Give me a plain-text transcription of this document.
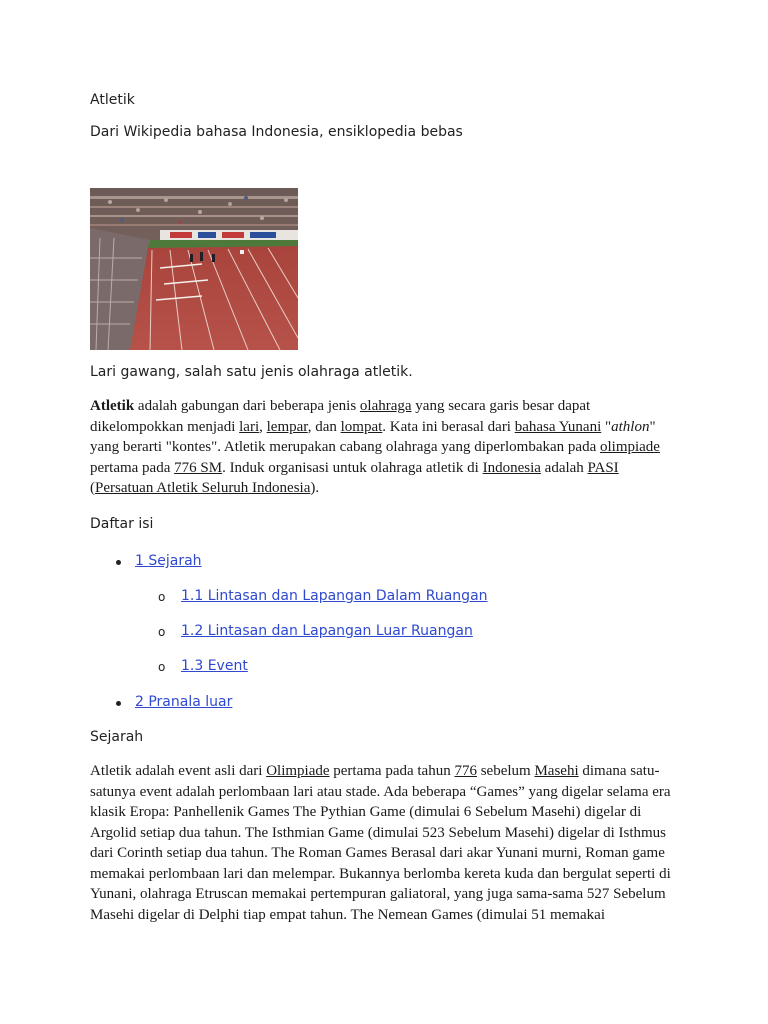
Atletik
Dari Wikipedia bahasa Indonesia, ensiklopedia bebas
Lari gawang, salah satu jenis olahraga atletik.
Atletik adalah gabungan dari beberapa jenis olahraga yang secara garis besar dapat dikelompokkan menjadi lari, lempar, dan lompat. Kata ini berasal dari bahasa Yunani "athlon" yang berarti "kontes". Atletik merupakan cabang olahraga yang diperlombakan pada olimpiade pertama pada 776 SM. Induk organisasi untuk olahraga atletik di Indonesia adalah PASI (Persatuan Atletik Seluruh Indonesia).
Daftar isi
1 Sejarah
o 1.1 Lintasan dan Lapangan Dalam Ruangan
o 1.2 Lintasan dan Lapangan Luar Ruangan
o 1.3 Event
2 Pranala luar
Sejarah
Atletik adalah event asli dari Olimpiade pertama pada tahun 776 sebelum Masehi dimana satu-satunya event adalah perlombaan lari atau stade. Ada beberapa “Games” yang digelar selama era klasik Eropa: Panhellenik Games The Pythian Game (dimulai 6 Sebelum Masehi) digelar di Argolid setiap dua tahun. The Isthmian Game (dimulai 523 Sebelum Masehi) digelar di Isthmus dari Corinth setiap dua tahun. The Roman Games Berasal dari akar Yunani murni, Roman game memakai perlombaan lari dan melempar. Bukannya berlomba kereta kuda dan bergulat seperti di Yunani, olahraga Etruscan memakai pertempuran galiatoral, yang juga sama-sama 527 Sebelum Masehi digelar di Delphi tiap empat tahun. The Nemean Games (dimulai 51 memakai
